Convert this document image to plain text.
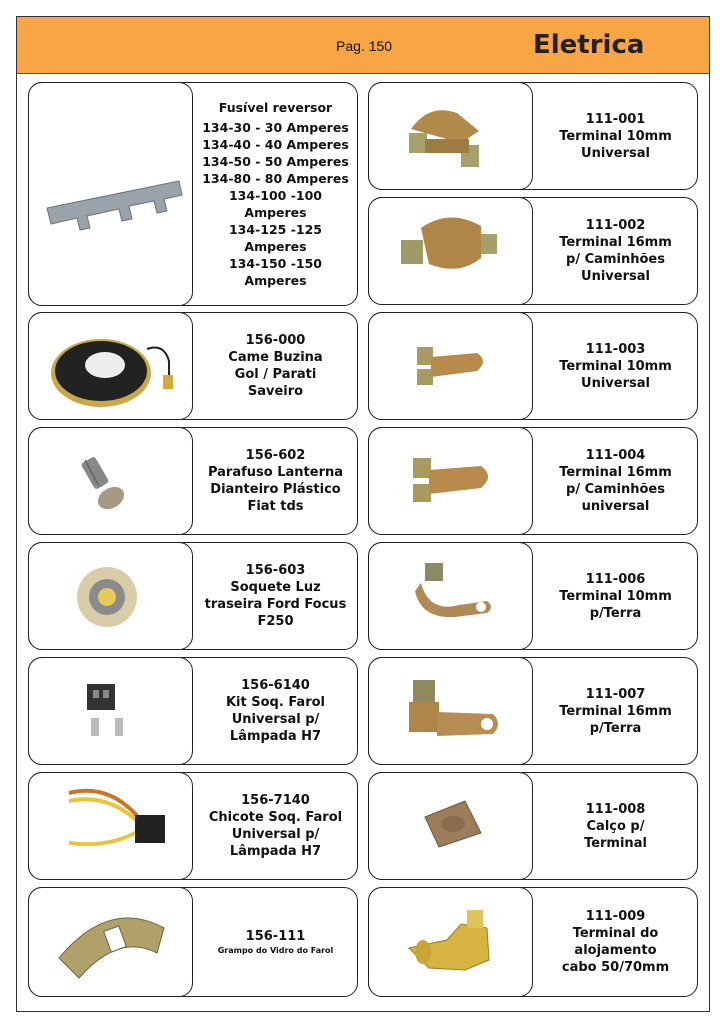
Pag. 150	Eletrica
Fusível reversor
134-30 - 30 Amperes
134-40 - 40 Amperes
134-50 - 50 Amperes
134-80 - 80 Amperes
134-100 -100 Amperes
134-125 -125 Amperes
134-150 -150 Amperes
156-000
Came Buzina
Gol / Parati
Saveiro
156-602
Parafuso Lanterna
Dianteiro Plástico
Fiat tds
156-603
Soquete Luz
traseira Ford Focus
F250
156-6140
Kit Soq. Farol
Universal p/
Lâmpada H7
156-7140
Chicote Soq. Farol
Universal p/
Lâmpada H7
156-111
Grampo do Vidro do Farol
111-001
Terminal 10mm
Universal
111-002
Terminal 16mm
p/ Caminhões
Universal
111-003
Terminal 10mm
Universal
111-004
Terminal 16mm
p/ Caminhões
universal
111-006
Terminal 10mm
p/Terra
111-007
Terminal 16mm
p/Terra
111-008
Calço p/
Terminal
111-009
Terminal do
alojamento
cabo 50/70mm
